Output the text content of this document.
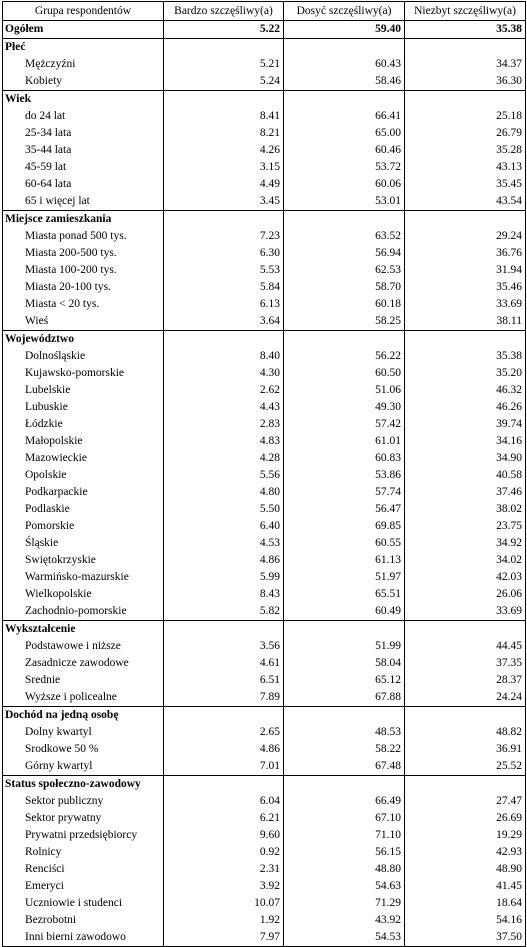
Grupa respondentów	Bardzo szczęśliwy(a)	Dosyć szczęśliwy(a)	Niezbyt szczęśliwy(a)
Ogółem	5.22	59.40	35.38
Płeć			
Mężczyźni	5.21	60.43	34.37
Kobiety	5.24	58.46	36.30
Wiek			
do 24 lat	8.41	66.41	25.18
25-34 lata	8.21	65.00	26.79
35-44 lata	4.26	60.46	35.28
45-59 lat	3.15	53.72	43.13
60-64 lata	4.49	60.06	35.45
65 i więcej lat	3.45	53.01	43.54
Miejsce zamieszkania			
Miasta ponad 500 tys.	7.23	63.52	29.24
Miasta 200-500 tys.	6.30	56.94	36.76
Miasta 100-200 tys.	5.53	62.53	31.94
Miasta 20-100 tys.	5.84	58.70	35.46
Miasta < 20 tys.	6.13	60.18	33.69
Wieś	3.64	58.25	38.11
Województwo			
Dolnośląskie	8.40	56.22	35.38
Kujawsko-pomorskie	4.30	60.50	35.20
Lubelskie	2.62	51.06	46.32
Lubuskie	4.43	49.30	46.26
Łódzkie	2.83	57.42	39.74
Małopolskie	4.83	61.01	34.16
Mazowieckie	4.28	60.83	34.90
Opolskie	5.56	53.86	40.58
Podkarpackie	4.80	57.74	37.46
Podlaskie	5.50	56.47	38.02
Pomorskie	6.40	69.85	23.75
Śląskie	4.53	60.55	34.92
Swiętokrzyskie	4.86	61.13	34.02
Warmińsko-mazurskie	5.99	51.97	42.03
Wielkopolskie	8.43	65.51	26.06
Zachodnio-pomorskie	5.82	60.49	33.69
Wykształcenie			
Podstawowe i niższe	3.56	51.99	44.45
Zasadnicze zawodowe	4.61	58.04	37.35
Srednie	6.51	65.12	28.37
Wyższe i policealne	7.89	67.88	24.24
Dochód na jedną osobę			
Dolny kwartyl	2.65	48.53	48.82
Srodkowe 50 %	4.86	58.22	36.91
Górny kwartyl	7.01	67.48	25.52
Status społeczno-zawodowy			
Sektor publiczny	6.04	66.49	27.47
Sektor prywatny	6.21	67.10	26.69
Prywatni przedsiębiorcy	9.60	71.10	19.29
Rolnicy	0.92	56.15	42.93
Renciści	2.31	48.80	48.90
Emeryci	3.92	54.63	41.45
Uczniowie i studenci	10.07	71.29	18.64
Bezrobotni	1.92	43.92	54.16
Inni bierni zawodowo	7.97	54.53	37.50
